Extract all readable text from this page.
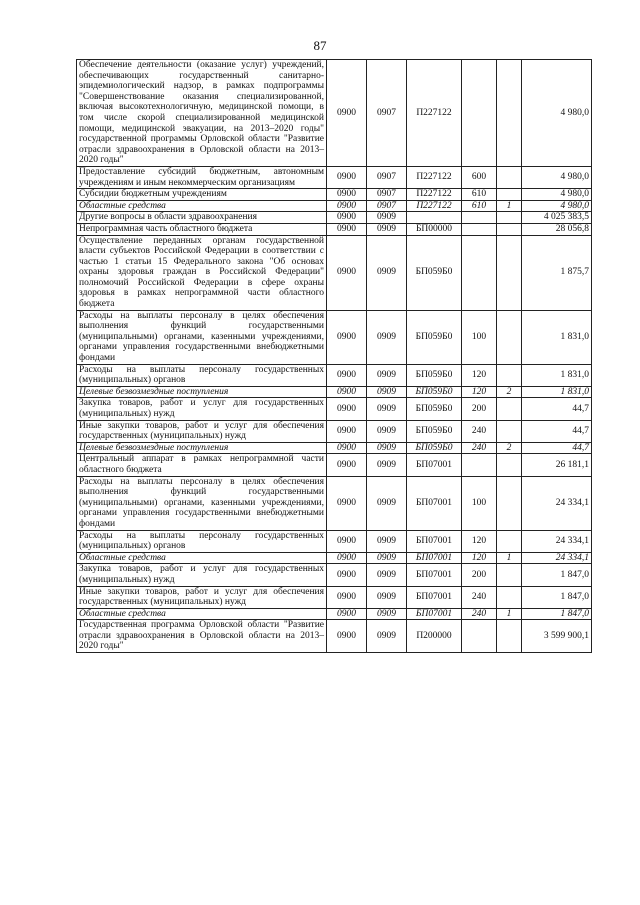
87
Обеспечение деятельности (оказание услуг) учреждений, обеспечивающих государственный санитарно-эпидемиологический надзор, в рамках подпрограммы "Совершенствование оказания специализированной, включая высокотехнологичную, медицинской помощи, в том числе скорой специализированной медицинской помощи, медицинской эвакуации, на 2013–2020 годы" государственной программы Орловской области "Развитие отрасли здравоохранения в Орловской области на 2013–2020 годы"	0900	0907	П227122			4 980,0
Предоставление субсидий бюджетным, автономным учреждениям и иным некоммерческим организациям	0900	0907	П227122	600		4 980,0
Субсидии бюджетным учреждениям	0900	0907	П227122	610		4 980,0
Областные средства	0900	0907	П227122	610	1	4 980,0
Другие вопросы в области здравоохранения	0900	0909				4 025 383,5
Непрограммная часть областного бюджета	0900	0909	БП00000			28 056,8
Осуществление переданных органам государственной власти субъектов Российской Федерации в соответствии с частью 1 статьи 15 Федерального закона "Об основах охраны здоровья граждан в Российской Федерации" полномочий Российской Федерации в сфере охраны здоровья в рамках непрограммной части областного бюджета	0900	0909	БП059Б0			1 875,7
Расходы на выплаты персоналу в целях обеспечения выполнения функций государственными (муниципальными) органами, казенными учреждениями, органами управления государственными внебюджетными фондами	0900	0909	БП059Б0	100		1 831,0
Расходы на выплаты персоналу государственных (муниципальных) органов	0900	0909	БП059Б0	120		1 831,0
Целевые безвозмездные поступления	0900	0909	БП059Б0	120	2	1 831,0
Закупка товаров, работ и услуг для государственных (муниципальных) нужд	0900	0909	БП059Б0	200		44,7
Иные закупки товаров, работ и услуг для обеспечения государственных (муниципальных) нужд	0900	0909	БП059Б0	240		44,7
Целевые безвозмездные поступления	0900	0909	БП059Б0	240	2	44,7
Центральный аппарат в рамках непрограммной части областного бюджета	0900	0909	БП07001			26 181,1
Расходы на выплаты персоналу в целях обеспечения выполнения функций государственными (муниципальными) органами, казенными учреждениями, органами управления государственными внебюджетными фондами	0900	0909	БП07001	100		24 334,1
Расходы на выплаты персоналу государственных (муниципальных) органов	0900	0909	БП07001	120		24 334,1
Областные средства	0900	0909	БП07001	120	1	24 334,1
Закупка товаров, работ и услуг для государственных (муниципальных) нужд	0900	0909	БП07001	200		1 847,0
Иные закупки товаров, работ и услуг для обеспечения государственных (муниципальных) нужд	0900	0909	БП07001	240		1 847,0
Областные средства	0900	0909	БП07001	240	1	1 847,0
Государственная программа Орловской области "Развитие отрасли здравоохранения в Орловской области на 2013–2020 годы"	0900	0909	П200000			3 599 900,1
